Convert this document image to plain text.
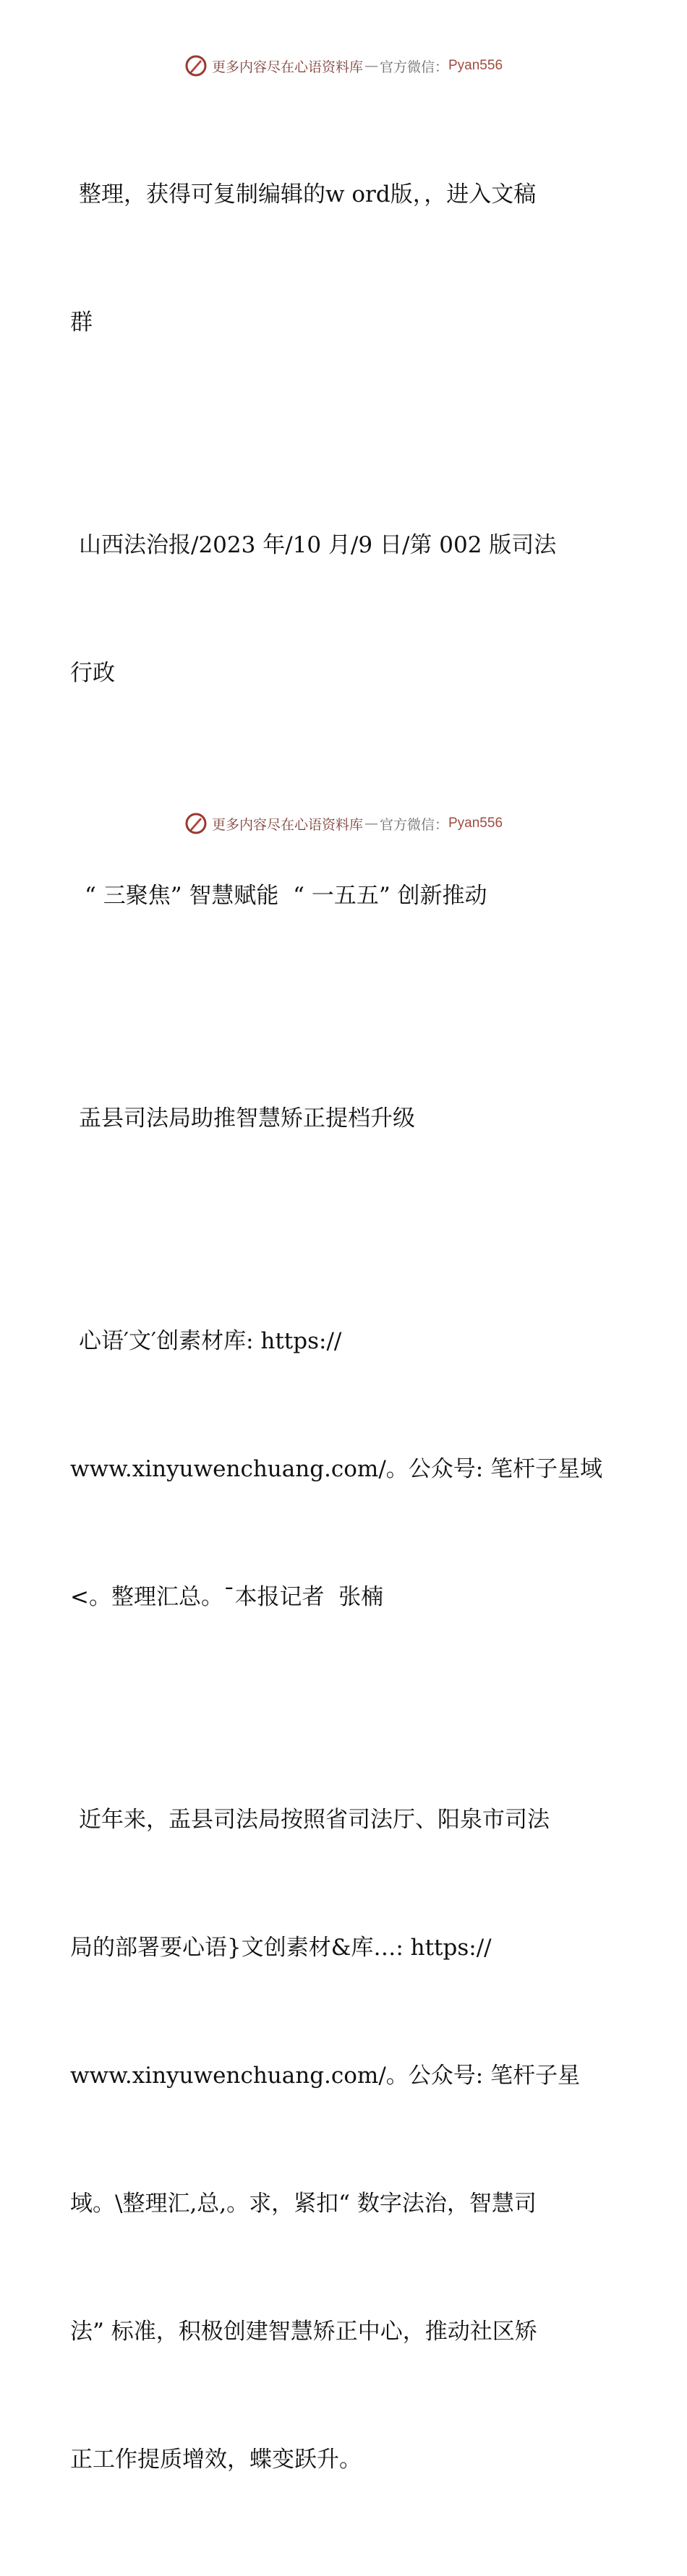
更多内容尽在心语资料库 — 官方微信： Pyan556

整理，获得可复制编辑的w ord版，，进入文稿

群

山西法治报/2023 年/10 月/9 日/第 002 版司法

行政

“ 三聚焦” 智慧赋能  “ 一五五” 创新推动

盂县司法局助推智慧矫正提档升级

心语′文′创素材库: https://

www.xinyuwenchuang.com/。公众号: 笔杆子星域

<。整理汇总。¯本报记者  张楠

近年来，盂县司法局按照省司法厅、阳泉市司法

局的部署要心语}文创素材&库…: https://

www.xinyuwenchuang.com/。公众号: 笔杆子星

域。\整理汇,总,。求，紧扣“ 数字法治，智慧司

法” 标准，积极创建智慧矫正中心，推动社区矫

正工作提质增效，蝶变跃升。

更多内容尽在心语资料库 — 官方微信： Pyan556
